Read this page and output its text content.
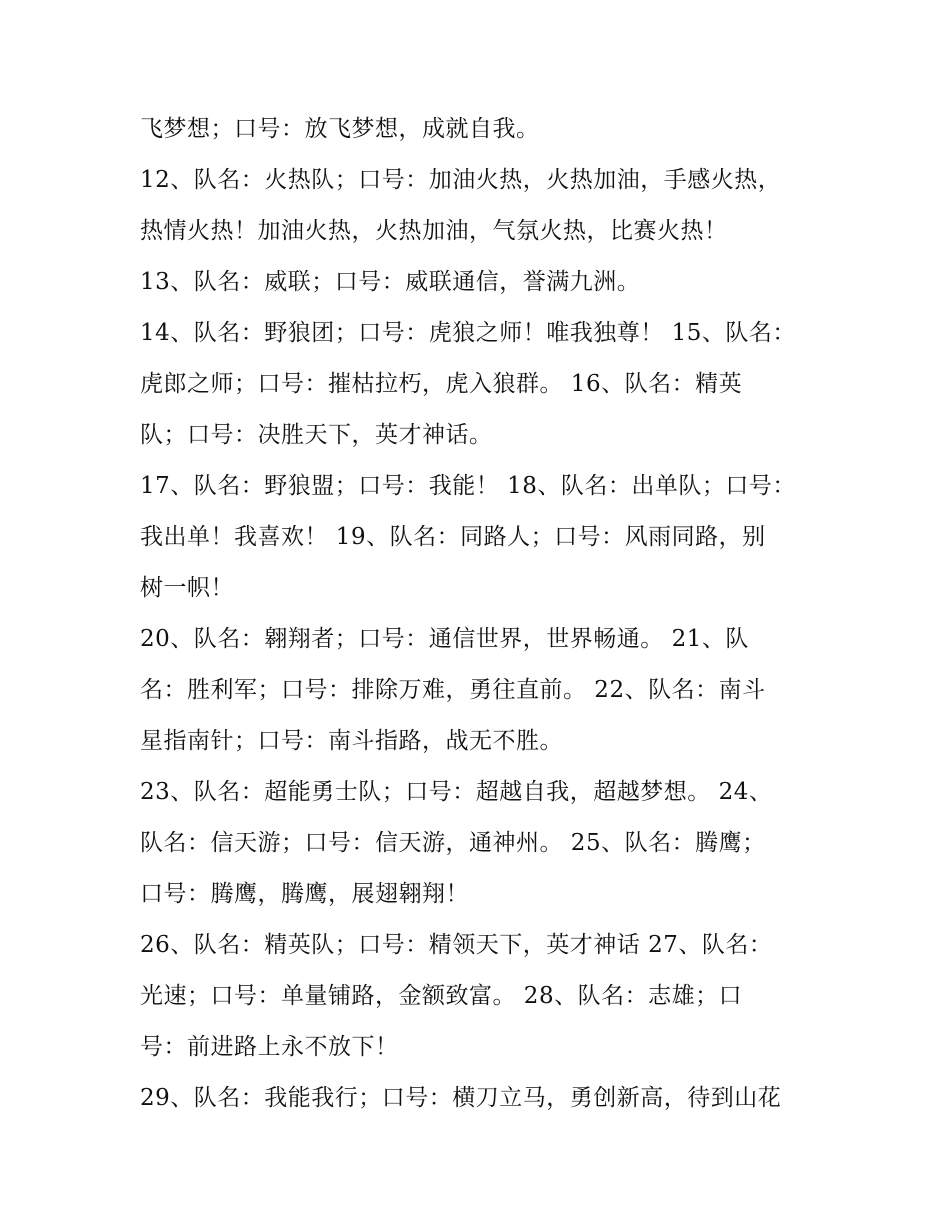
飞梦想；口号：放飞梦想，成就自我。
12、队名：火热队；口号：加油火热，火热加油，手感火热，
热情火热！加油火热，火热加油，气氛火热，比赛火热！
13、队名：威联；口号：威联通信，誉满九洲。
14、队名：野狼团；口号：虎狼之师！唯我独尊！ 15、队名：
虎郎之师；口号：摧枯拉朽，虎入狼群。 16、队名：精英
队；口号：决胜天下，英才神话。
17、队名：野狼盟；口号：我能！ 18、队名：出单队；口号：
我出单！我喜欢！ 19、队名：同路人；口号：风雨同路，别
树一帜！
20、队名：翱翔者；口号：通信世界，世界畅通。 21、队
名：胜利军；口号：排除万难，勇往直前。 22、队名：南斗
星指南针；口号：南斗指路，战无不胜。
23、队名：超能勇士队；口号：超越自我，超越梦想。 24、
队名：信天游；口号：信天游，通神州。 25、队名：腾鹰；
口号：腾鹰，腾鹰，展翅翱翔！
26、队名：精英队；口号：精领天下，英才神话 27、队名：
光速；口号：单量铺路，金额致富。 28、队名：志雄；口
号：前进路上永不放下！
29、队名：我能我行；口号：横刀立马，勇创新高，待到山花
